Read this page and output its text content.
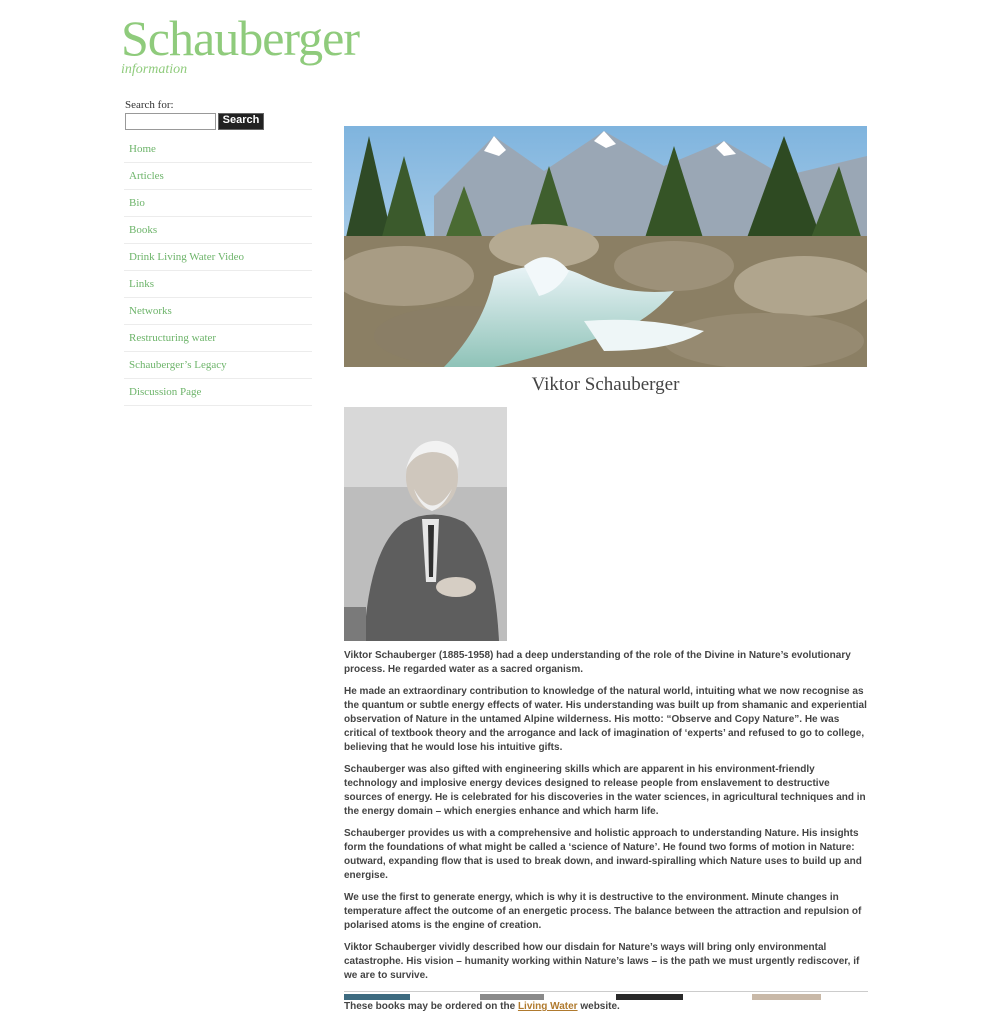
Schauberger
information
Search for:
Search
Home
Articles
Bio
Books
Drink Living Water Video
Links
Networks
Restructuring water
Schauberger’s Legacy
Discussion Page	Viktor Schauberger

Viktor Schauberger (1885-1958) had a deep understanding of the role of the Divine in Nature’s evolutionary process. He regarded water as a sacred organism.

He made an extraordinary contribution to knowledge of the natural world, intuiting what we now recognise as the quantum or subtle energy effects of water. His understanding was built up from shamanic and experiential observation of Nature in the untamed Alpine wilderness. His motto: “Observe and Copy Nature”. He was critical of textbook theory and the arrogance and lack of imagination of ‘experts’ and refused to go to college, believing that he would lose his intuitive gifts.

Schauberger was also gifted with engineering skills which are apparent in his environment-friendly technology and implosive energy devices designed to release people from enslavement to destructive sources of energy. He is celebrated for his discoveries in the water sciences, in agricultural techniques and in the energy domain – which energies enhance and which harm life.

Schauberger provides us with a comprehensive and holistic approach to understanding Nature. His insights form the foundations of what might be called a ‘science of Nature’. He found two forms of motion in Nature: outward, expanding flow that is used to break down, and inward-spiralling which Nature uses to build up and energise.

We use the first to generate energy, which is why it is destructive to the environment. Minute changes in temperature affect the outcome of an energetic process. The balance between the attraction and repulsion of polarised atoms is the engine of creation.

Viktor Schauberger vividly described how our disdain for Nature’s ways will bring only environmental catastrophe. His vision – humanity working within Nature’s laws – is the path we must urgently rediscover, if we are to survive.

These books may be ordered on the Living Water website.
